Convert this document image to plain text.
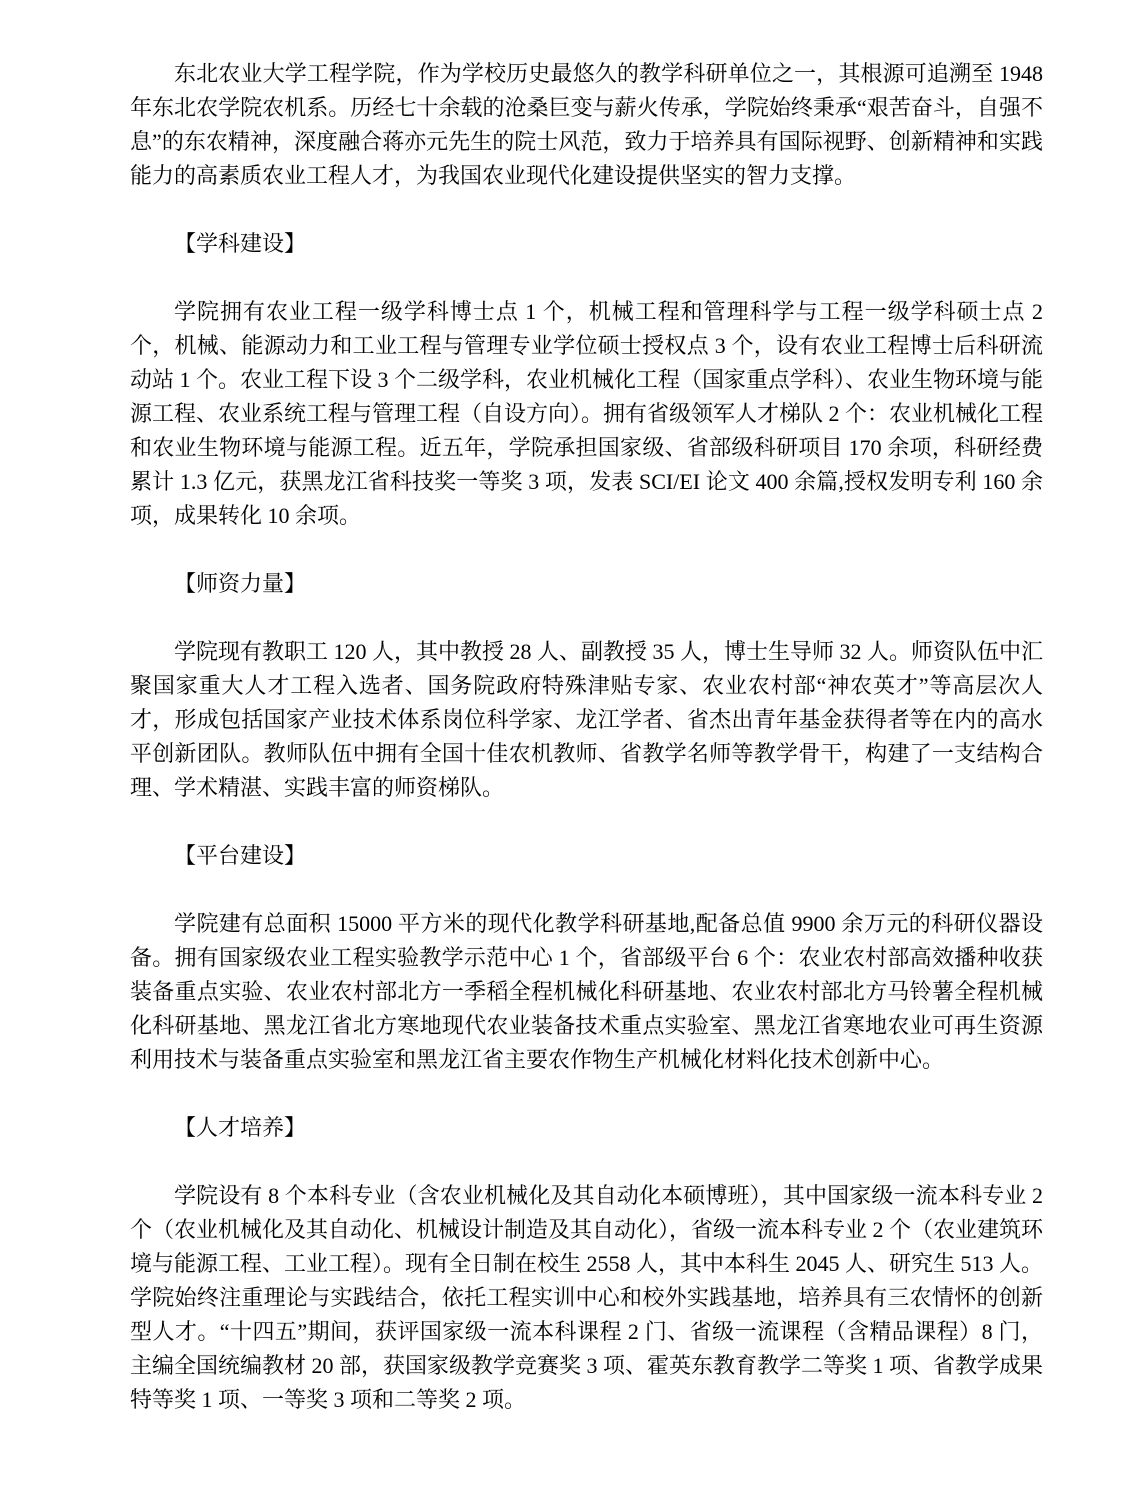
东北农业大学工程学院，作为学校历史最悠久的教学科研单位之一，其根源可追溯至 1948 年东北农学院农机系。历经七十余载的沧桑巨变与薪火传承，学院始终秉承“艰苦奋斗，自强不息”的东农精神，深度融合蒋亦元先生的院士风范，致力于培养具有国际视野、创新精神和实践能力的高素质农业工程人才，为我国农业现代化建设提供坚实的智力支撑。

【学科建设】

学院拥有农业工程一级学科博士点 1 个，机械工程和管理科学与工程一级学科硕士点 2 个，机械、能源动力和工业工程与管理专业学位硕士授权点 3 个，设有农业工程博士后科研流动站 1 个。农业工程下设 3 个二级学科，农业机械化工程（国家重点学科）、农业生物环境与能源工程、农业系统工程与管理工程（自设方向）。拥有省级领军人才梯队 2 个：农业机械化工程和农业生物环境与能源工程。近五年，学院承担国家级、省部级科研项目 170 余项，科研经费累计 1.3 亿元，获黑龙江省科技奖一等奖 3 项，发表 SCI/EI 论文 400 余篇,授权发明专利 160 余项，成果转化 10 余项。

【师资力量】

学院现有教职工 120 人，其中教授 28 人、副教授 35 人，博士生导师 32 人。师资队伍中汇聚国家重大人才工程入选者、国务院政府特殊津贴专家、农业农村部“神农英才”等高层次人才，形成包括国家产业技术体系岗位科学家、龙江学者、省杰出青年基金获得者等在内的高水平创新团队。教师队伍中拥有全国十佳农机教师、省教学名师等教学骨干，构建了一支结构合理、学术精湛、实践丰富的师资梯队。

【平台建设】

学院建有总面积 15000 平方米的现代化教学科研基地,配备总值 9900 余万元的科研仪器设备。拥有国家级农业工程实验教学示范中心 1 个，省部级平台 6 个：农业农村部高效播种收获装备重点实验、农业农村部北方一季稻全程机械化科研基地、农业农村部北方马铃薯全程机械化科研基地、黑龙江省北方寒地现代农业装备技术重点实验室、黑龙江省寒地农业可再生资源利用技术与装备重点实验室和黑龙江省主要农作物生产机械化材料化技术创新中心。

【人才培养】

学院设有 8 个本科专业（含农业机械化及其自动化本硕博班），其中国家级一流本科专业 2 个（农业机械化及其自动化、机械设计制造及其自动化），省级一流本科专业 2 个（农业建筑环境与能源工程、工业工程）。现有全日制在校生 2558 人，其中本科生 2045 人、研究生 513 人。学院始终注重理论与实践结合，依托工程实训中心和校外实践基地，培养具有三农情怀的创新型人才。“十四五”期间，获评国家级一流本科课程 2 门、省级一流课程（含精品课程）8 门，主编全国统编教材 20 部，获国家级教学竞赛奖 3 项、霍英东教育教学二等奖 1 项、省教学成果特等奖 1 项、一等奖 3 项和二等奖 2 项。
